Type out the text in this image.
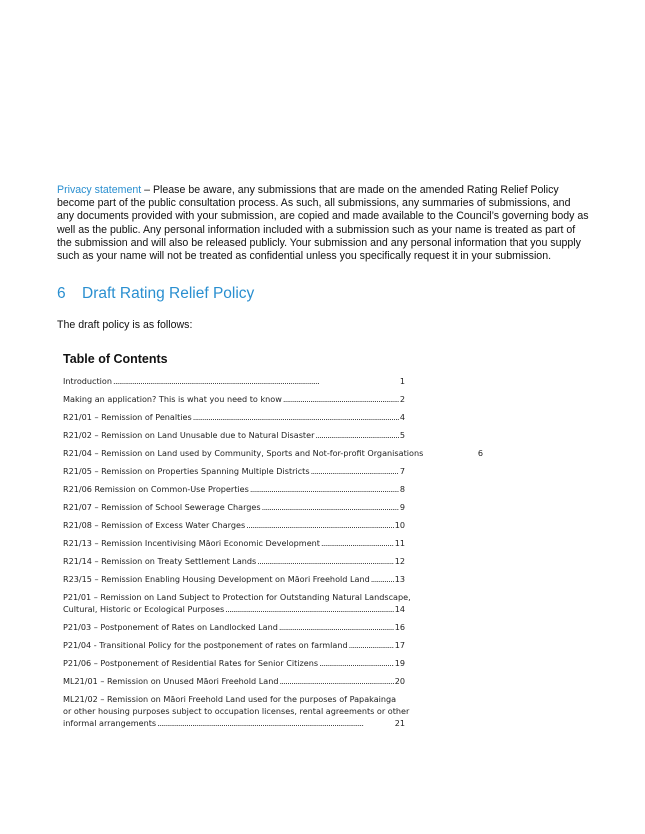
Privacy statement – Please be aware, any submissions that are made on the amended Rating Relief Policy become part of the public consultation process. As such, all submissions, any summaries of submissions, and any documents provided with your submission, are copied and made available to the Council’s governing body as well as the public. Any personal information included with a submission such as your name is treated as part of the submission and will also be released publicly. Your submission and any personal information that you supply such as your name will not be treated as confidential unless you specifically request it in your submission.
6 Draft Rating Relief Policy
The draft policy is as follows:
Table of Contents
Introduction . . .	1
Making an application? This is what you need to know . . .	2
R21/01 – Remission of Penalties . . .	4
R21/02 – Remission on Land Unusable due to Natural Disaster . . .	5
R21/04 – Remission on Land used by Community, Sports and Not-for-profit Organisations	6
R21/05 – Remission on Properties Spanning Multiple Districts . . .	7
R21/06 Remission on Common-Use Properties . . .	8
R21/07 – Remission of School Sewerage Charges . . .	9
R21/08 – Remission of Excess Water Charges . . .	10
R21/13 – Remission Incentivising Māori Economic Development . . .	11
R21/14 – Remission on Treaty Settlement Lands . . .	12
R23/15 – Remission Enabling Housing Development on Māori Freehold Land . . .	13
P21/01 – Remission on Land Subject to Protection for Outstanding Natural Landscape,
Cultural, Historic or Ecological Purposes . . .	14
P21/03 – Postponement of Rates on Landlocked Land . . .	16
P21/04 - Transitional Policy for the postponement of rates on farmland . . .	17
P21/06 – Postponement of Residential Rates for Senior Citizens . . .	19
ML21/01 – Remission on Unused Māori Freehold Land . . .	20
ML21/02 – Remission on Māori Freehold Land used for the purposes of Papakainga
or other housing purposes subject to occupation licenses, rental agreements or other
informal arrangements . . .	21
